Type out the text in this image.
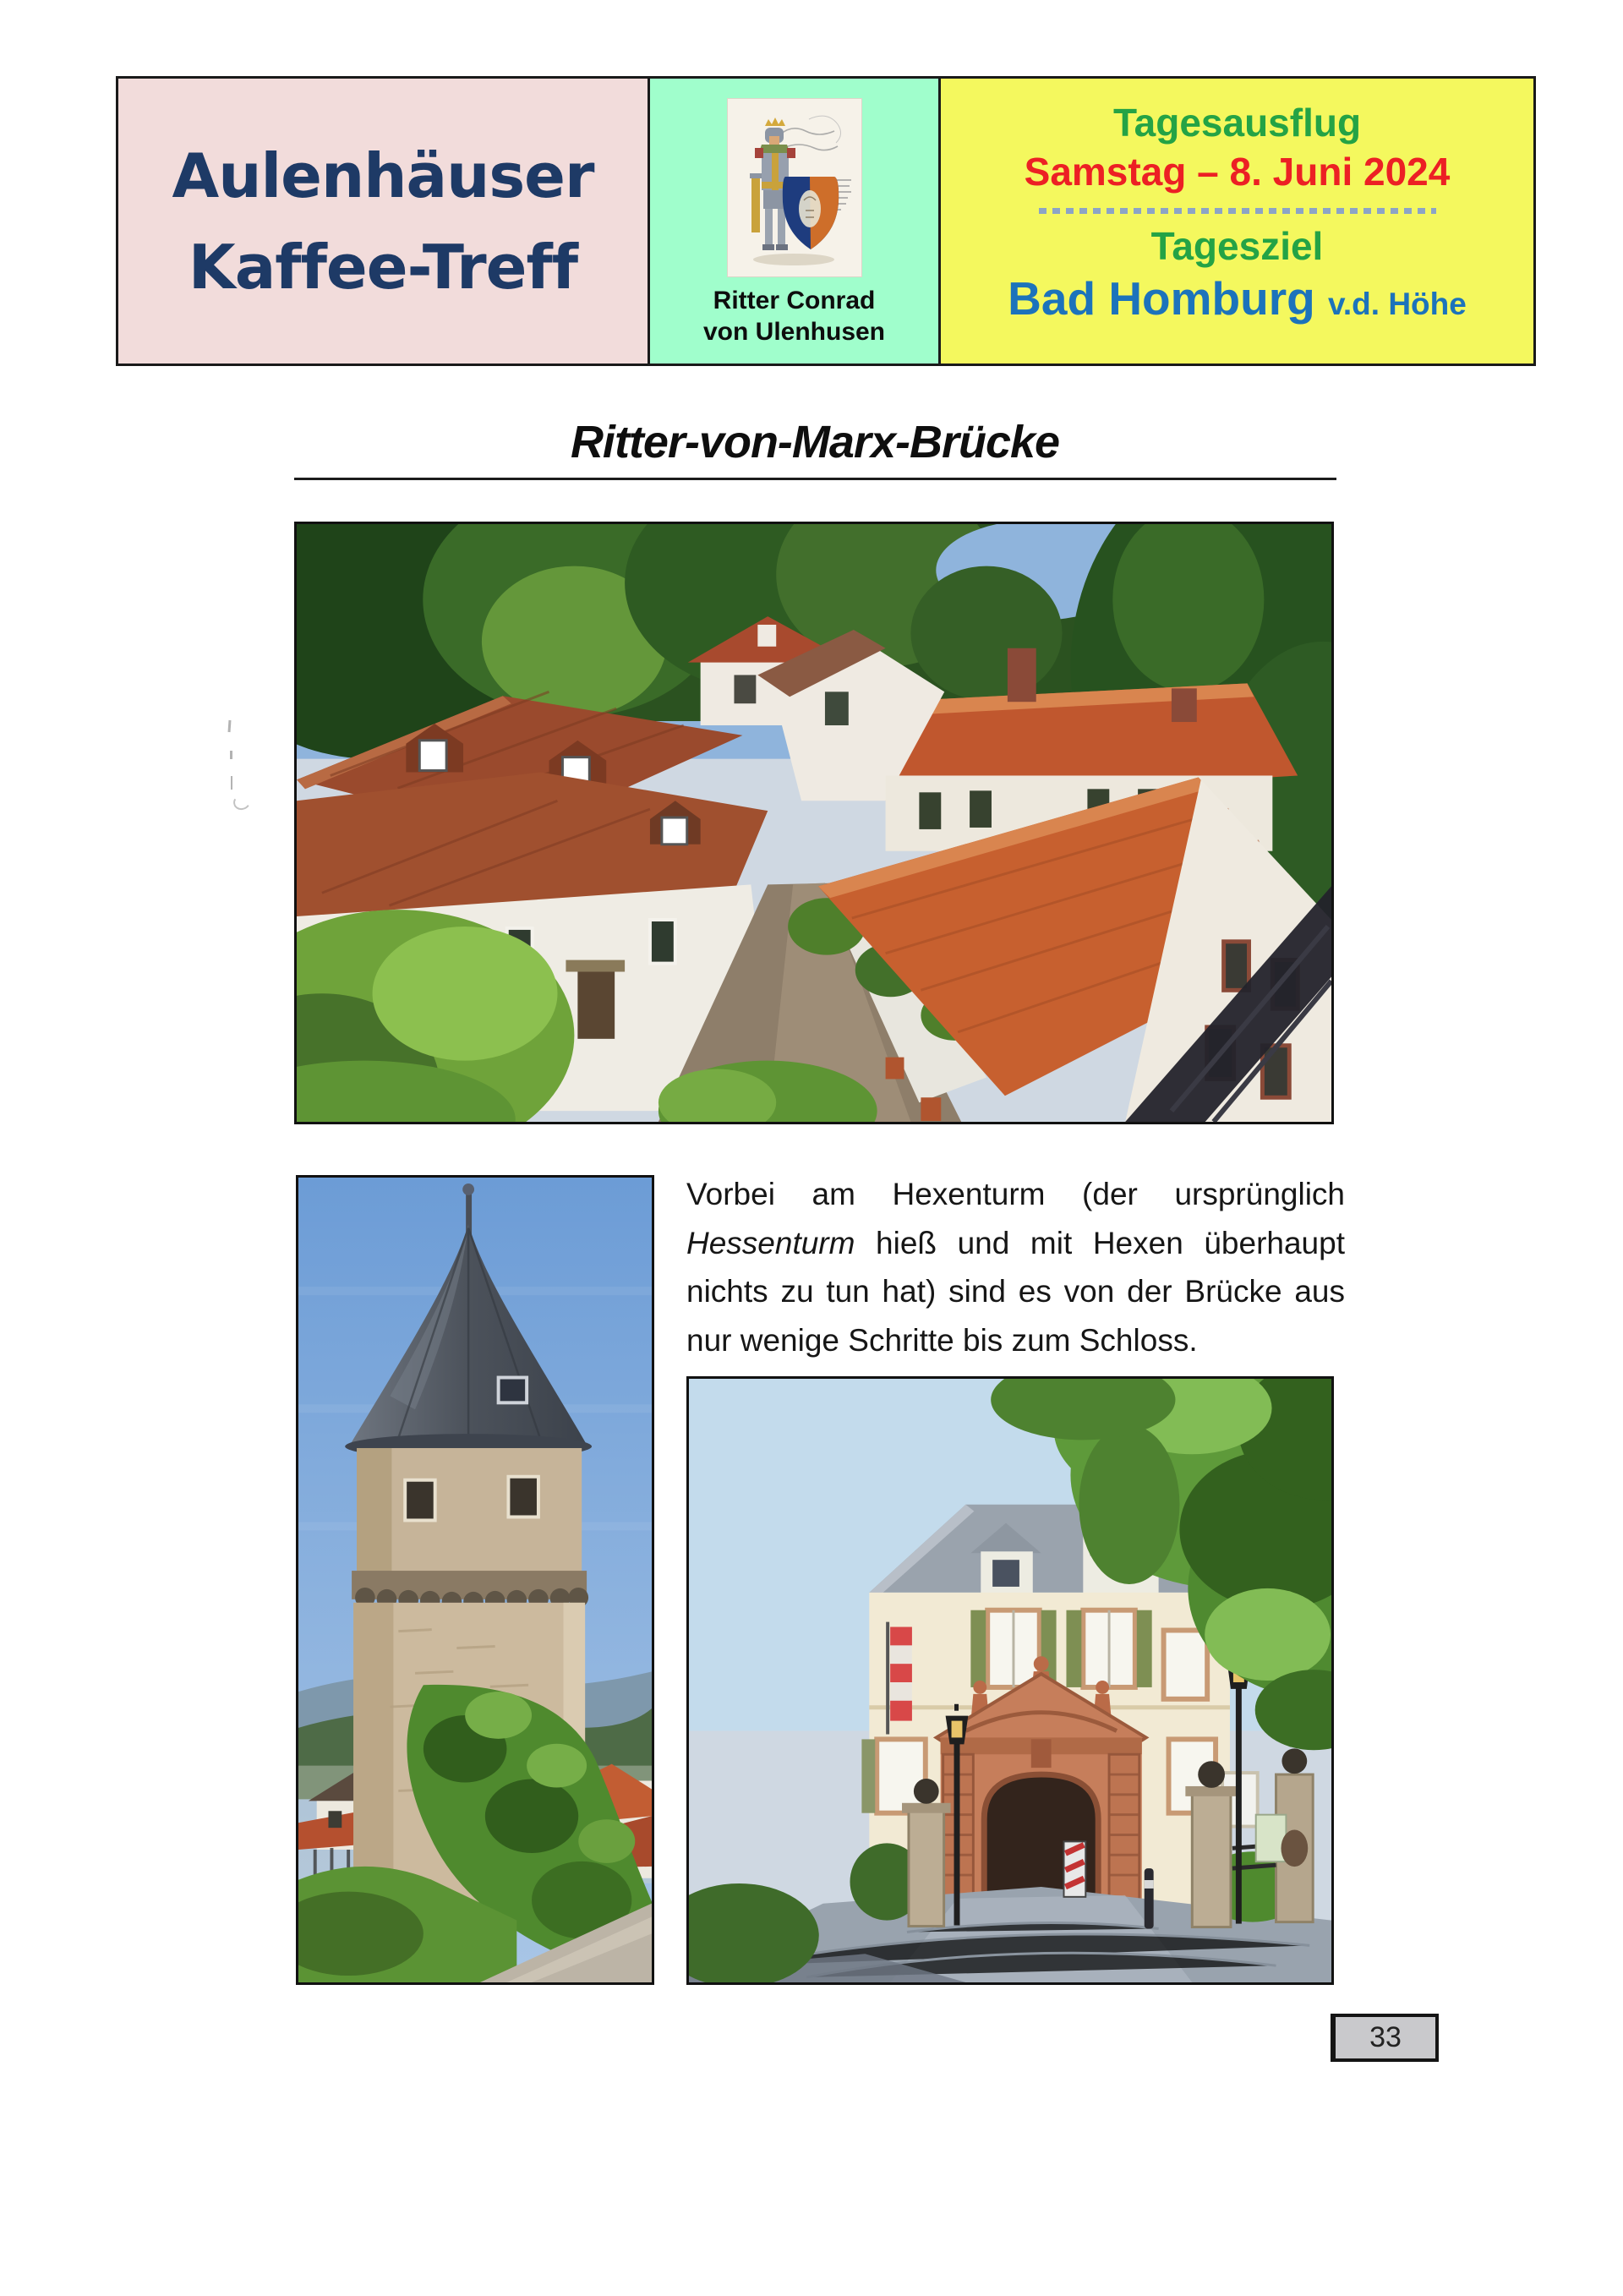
Aulenhäuser
Kaffee-Treff	Ritter Conrad
von Ulenhusen
Tagesausflug
Samstag – 8. Juni 2024
Tagesziel
Bad Homburg v.d. Höhe
Ritter-von-Marx-Brücke
Vorbei am Hexenturm (der ursprünglich Hessenturm hieß und mit Hexen überhaupt nichts zu tun hat) sind es von der Brücke aus nur wenige Schritte bis zum Schloss.
33
